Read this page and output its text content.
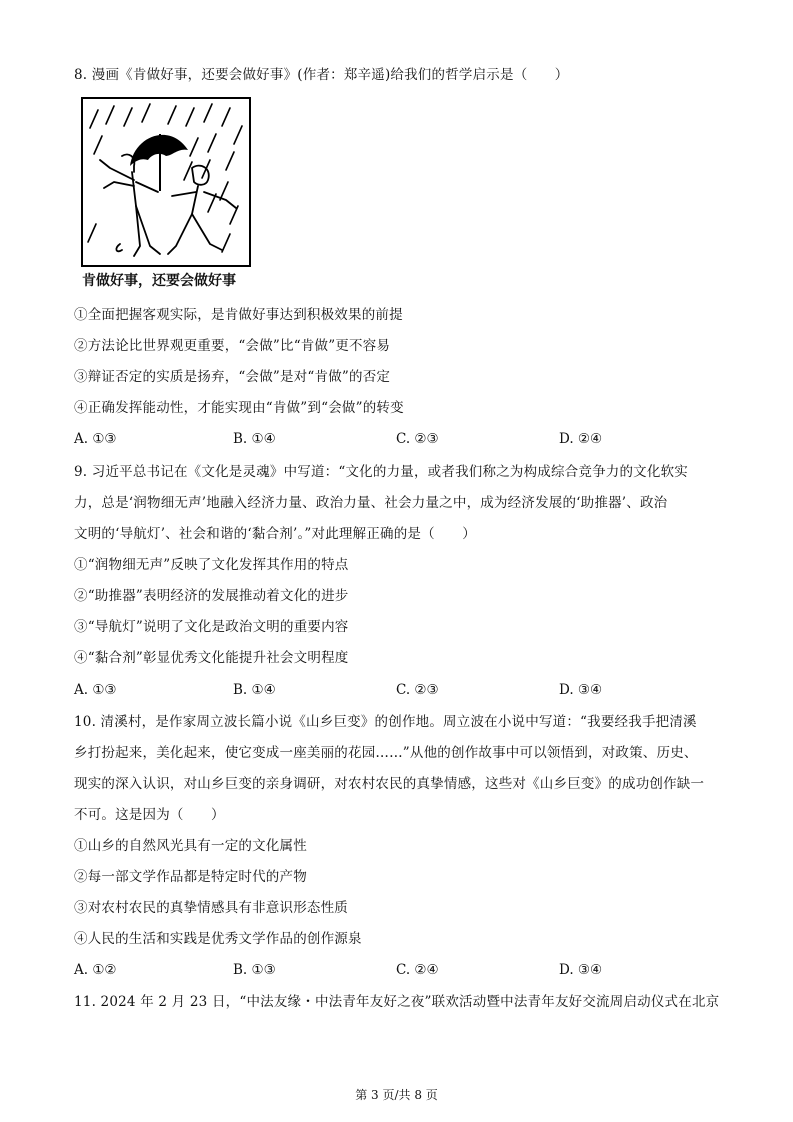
8. 漫画《肯做好事，还要会做好事》(作者：郑辛遥)给我们的哲学启示是（　　）
肯做好事，还要会做好事
①全面把握客观实际，是肯做好事达到积极效果的前提
②方法论比世界观更重要，“会做”比“肯做”更不容易
③辩证否定的实质是扬弃，“会做”是对“肯做”的否定
④正确发挥能动性，才能实现由“肯做”到“会做”的转变
A. ①③	B. ①④	C. ②③	D. ②④
9. 习近平总书记在《文化是灵魂》中写道：“文化的力量，或者我们称之为构成综合竞争力的文化软实
力，总是‘润物细无声’地融入经济力量、政治力量、社会力量之中，成为经济发展的‘助推器’、政治
文明的‘导航灯’、社会和谐的‘黏合剂’。”对此理解正确的是（　　）
①“润物细无声”反映了文化发挥其作用的特点
②“助推器”表明经济的发展推动着文化的进步
③“导航灯”说明了文化是政治文明的重要内容
④“黏合剂”彰显优秀文化能提升社会文明程度
A. ①③	B. ①④	C. ②③	D. ③④
10. 清溪村，是作家周立波长篇小说《山乡巨变》的创作地。周立波在小说中写道：“我要经我手把清溪
乡打扮起来，美化起来，使它变成一座美丽的花园……”从他的创作故事中可以领悟到，对政策、历史、
现实的深入认识，对山乡巨变的亲身调研，对农村农民的真挚情感，这些对《山乡巨变》的成功创作缺一
不可。这是因为（　　）
①山乡的自然风光具有一定的文化属性
②每一部文学作品都是特定时代的产物
③对农村农民的真挚情感具有非意识形态性质
④人民的生活和实践是优秀文学作品的创作源泉
A. ①②	B. ①③	C. ②④	D. ③④
11. 2024 年 2 月 23 日，“中法友缘・中法青年友好之夜”联欢活动暨中法青年友好交流周启动仪式在北京
第 3 页/共 8 页
